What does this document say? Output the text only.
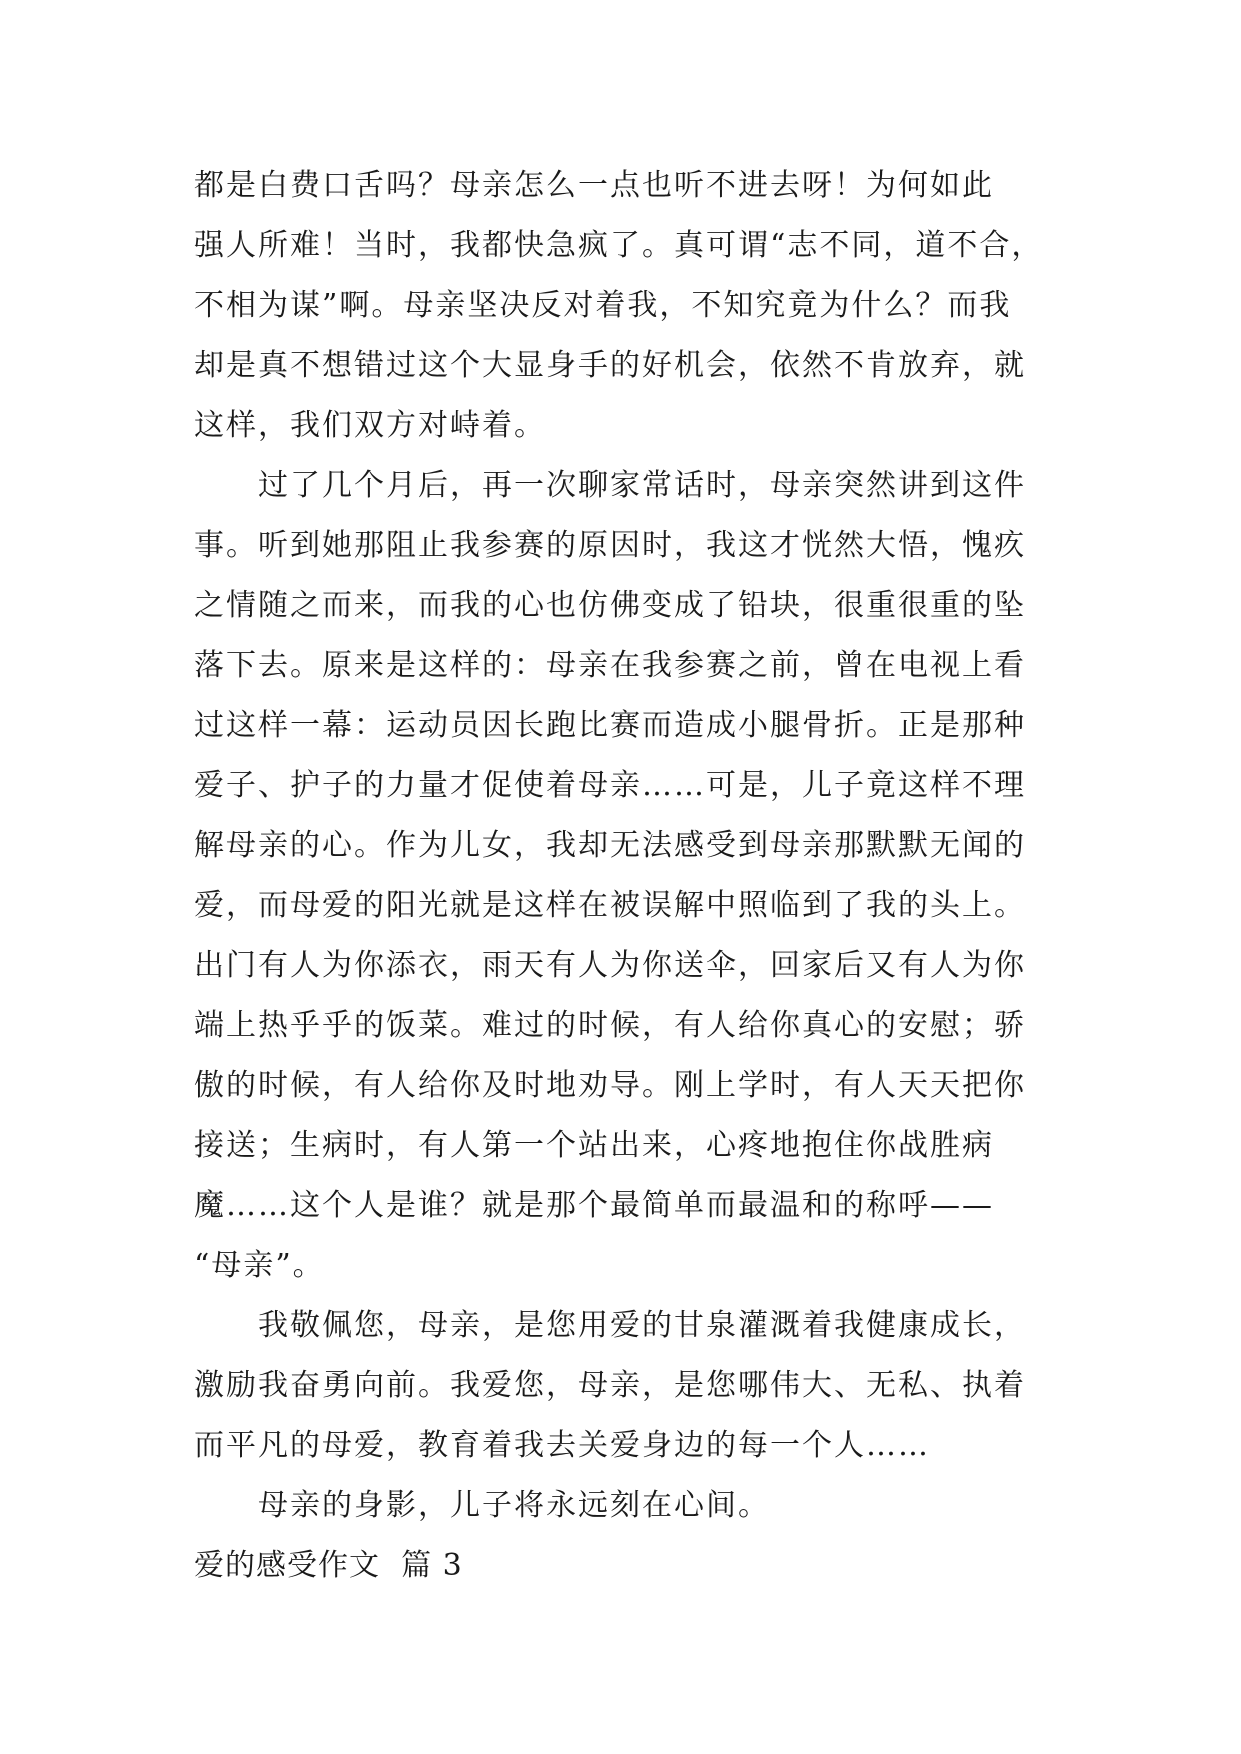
都是白费口舌吗？母亲怎么一点也听不进去呀！为何如此

强人所难！当时，我都快急疯了。真可谓“志不同，道不合，

不相为谋”啊。母亲坚决反对着我，不知究竟为什么？而我

却是真不想错过这个大显身手的好机会，依然不肯放弃，就

这样，我们双方对峙着。

过了几个月后，再一次聊家常话时，母亲突然讲到这件

事。听到她那阻止我参赛的原因时，我这才恍然大悟，愧疚

之情随之而来，而我的心也仿佛变成了铅块，很重很重的坠

落下去。原来是这样的：母亲在我参赛之前，曾在电视上看

过这样一幕：运动员因长跑比赛而造成小腿骨折。正是那种

爱子、护子的力量才促使着母亲……可是，儿子竟这样不理

解母亲的心。作为儿女，我却无法感受到母亲那默默无闻的

爱，而母爱的阳光就是这样在被误解中照临到了我的头上。

出门有人为你添衣，雨天有人为你送伞，回家后又有人为你

端上热乎乎的饭菜。难过的时候，有人给你真心的安慰；骄

傲的时候，有人给你及时地劝导。刚上学时，有人天天把你

接送；生病时，有人第一个站出来，心疼地抱住你战胜病

魔……这个人是谁？就是那个最简单而最温和的称呼——

“母亲”。

我敬佩您，母亲，是您用爱的甘泉灌溉着我健康成长，

激励我奋勇向前。我爱您，母亲，是您哪伟大、无私、执着

而平凡的母爱，教育着我去关爱身边的每一个人……

母亲的身影，儿子将永远刻在心间。

爱的感受作文  篇 3
